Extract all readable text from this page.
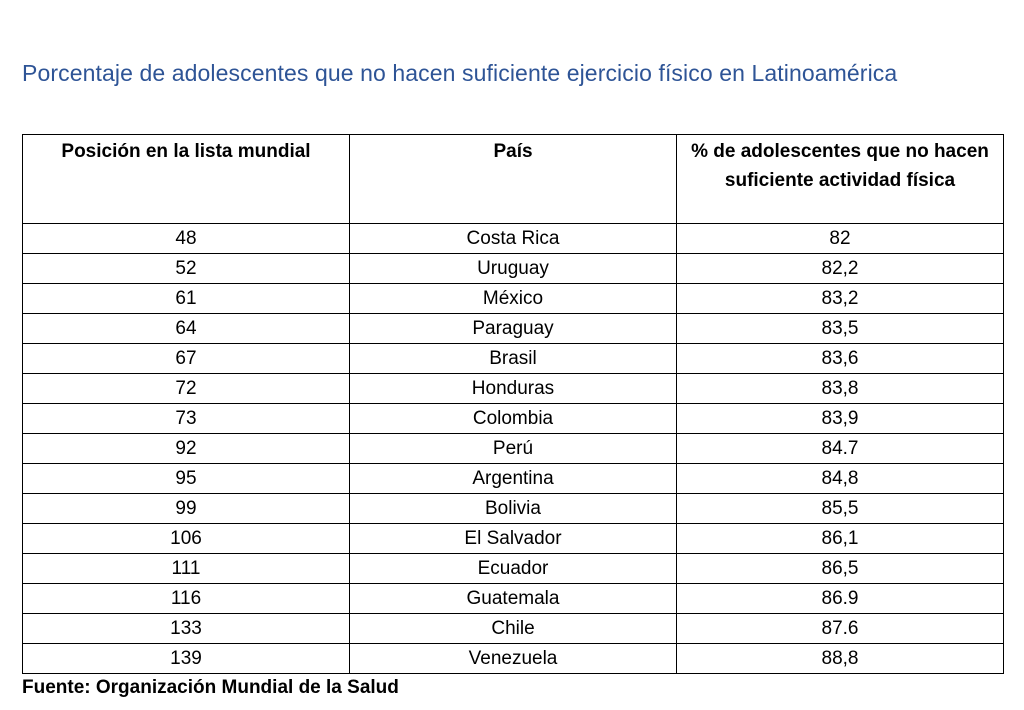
Porcentaje de adolescentes que no hacen suficiente ejercicio físico en Latinoamérica
Posición en la lista mundial	País	% de adolescentes que no hacen suficiente actividad física
48	Costa Rica	82
52	Uruguay	82,2
61	México	83,2
64	Paraguay	83,5
67	Brasil	83,6
72	Honduras	83,8
73	Colombia	83,9
92	Perú	84.7
95	Argentina	84,8
99	Bolivia	85,5
106	El Salvador	86,1
111	Ecuador	86,5
116	Guatemala	86.9
133	Chile	87.6
139	Venezuela	88,8
Fuente: Organización Mundial de la Salud
